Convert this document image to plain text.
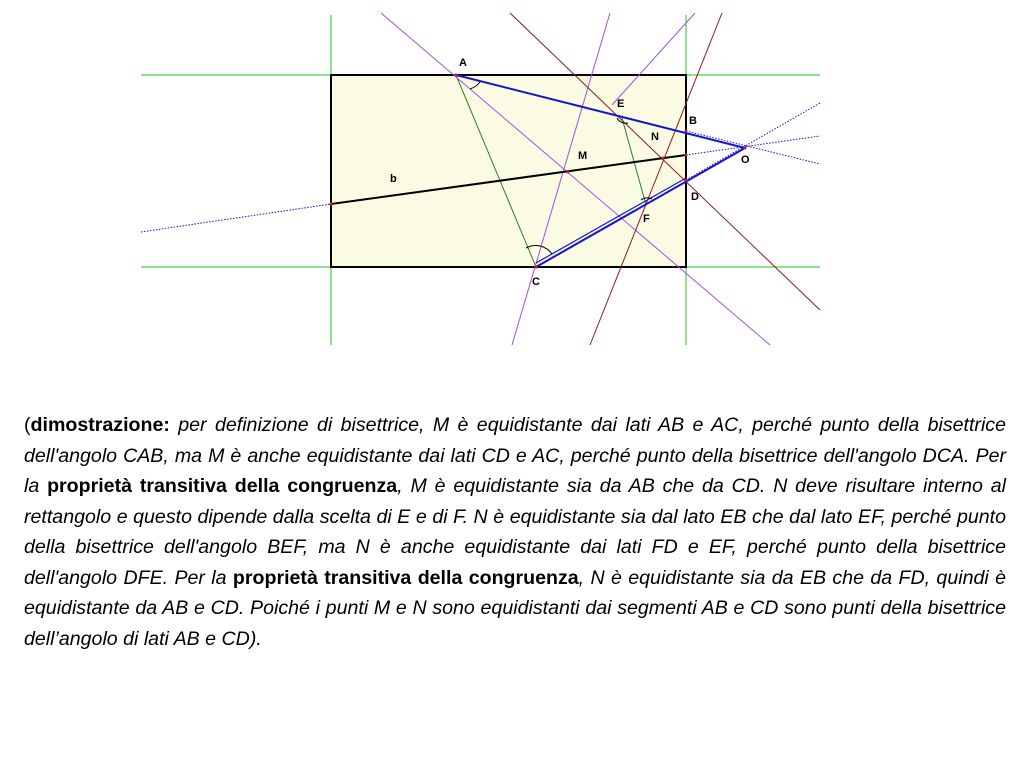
A
E
B
N
M	O
b
D
F
C
(dimostrazione: per definizione di bisettrice, M è equidistante dai lati AB e AC, perché punto della bisettrice dell'angolo CAB, ma M è anche equidistante dai lati CD e AC, perché punto della bisettrice dell'angolo DCA. Per la proprietà transitiva della congruenza, M è equidistante sia da AB che da CD. N deve risultare interno al rettangolo e questo dipende dalla scelta di E e di F. N è equidistante sia dal lato EB che dal lato EF, perché punto della bisettrice dell'angolo BEF, ma N è anche equidistante dai lati FD e EF, perché punto della bisettrice dell'angolo DFE. Per la proprietà transitiva della congruenza, N è equidistante sia da EB che da FD, quindi è equidistante da AB e CD. Poiché i punti M e N sono equidistanti dai segmenti AB e CD sono punti della bisettrice dell’angolo di lati AB e CD).
